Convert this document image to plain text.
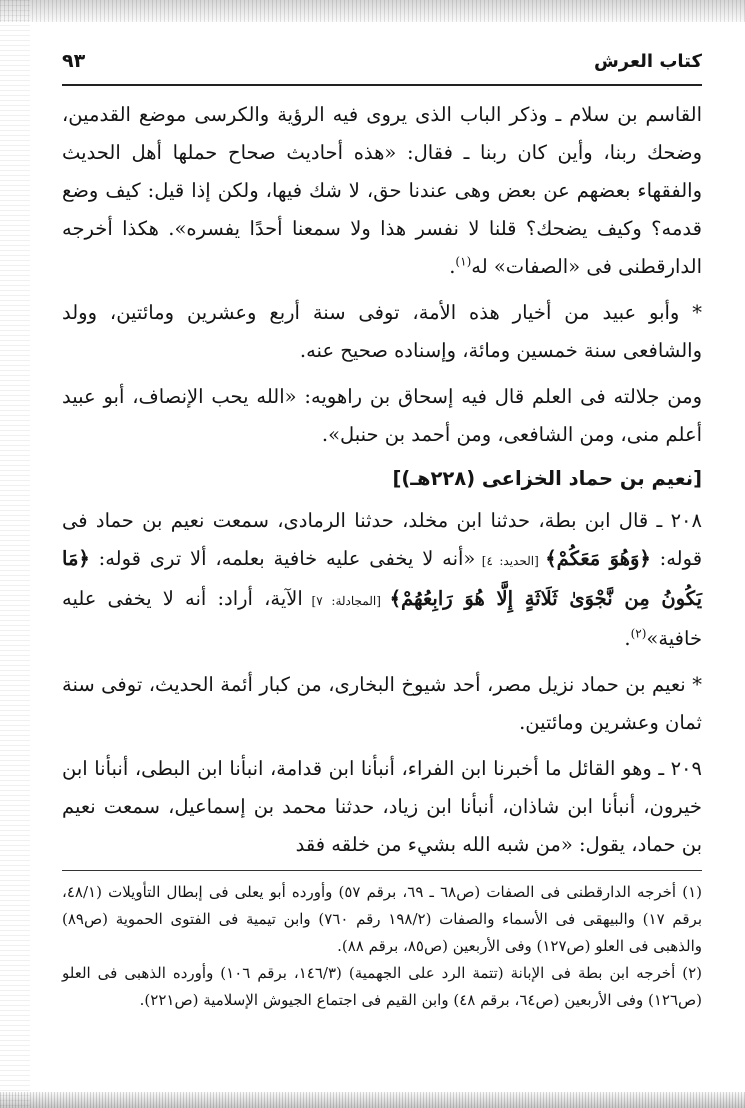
كتاب العرش
٩٣

القاسم بن سلام ـ وذكر الباب الذى يروى فيه الرؤية والكرسى موضع القدمين، وضحك ربنا، وأين كان ربنا ـ فقال: «هذه أحاديث صحاح حملها أهل الحديث والفقهاء بعضهم عن بعض وهى عندنا حق، لا شك فيها، ولكن إذا قيل: كيف وضع قدمه؟ وكيف يضحك؟ قلنا لا نفسر هذا ولا سمعنا أحدًا يفسره». هكذا أخرجه الدارقطنى فى «الصفات» له$^{(١)}$.

* وأبو عبيد من أخيار هذه الأمة، توفى سنة أربع وعشرين ومائتين، وولد والشافعى سنة خمسين ومائة، وإسناده صحيح عنه.

ومن جلالته فى العلم قال فيه إسحاق بن راهويه: «الله يحب الإنصاف، أبو عبيد أعلم منى، ومن الشافعى، ومن أحمد بن حنبل».

[نعيم بن حماد الخزاعى (٢٢٨هـ)]

٢٠٨ ـ قال ابن بطة، حدثنا ابن مخلد، حدثنا الرمادى، سمعت نعيم بن حماد فى قوله: ﴿وَهُوَ مَعَكُمْ﴾ [الحديد: ٤] «أنه لا يخفى عليه خافية بعلمه، ألا ترى قوله: ﴿مَا يَكُونُ مِن نَّجْوَىٰ ثَلَاثَةٍ إِلَّا هُوَ رَابِعُهُمْ﴾ [المجادلة: ٧] الآية، أراد: أنه لا يخفى عليه خافية»$^{(٢)}$.

* نعيم بن حماد نزيل مصر، أحد شيوخ البخارى، من كبار أئمة الحديث، توفى سنة ثمان وعشرين ومائتين.

٢٠٩ ـ وهو القائل ما أخبرنا ابن الفراء، أنبأنا ابن قدامة، انبأنا ابن البطى، أنبأنا ابن خيرون، أنبأنا ابن شاذان، أنبأنا ابن زياد، حدثنا محمد بن إسماعيل، سمعت نعيم بن حماد، يقول: «من شبه الله بشيء من خلقه فقد

(١) أخرجه الدارقطنى فى الصفات (ص٦٨ ـ ٦٩، برقم ٥٧) وأورده أبو يعلى فى إبطال التأويلات (٤٨/١، برقم ١٧) والبيهقى فى الأسماء والصفات (١٩٨/٢ رقم ٧٦٠) وابن تيمية فى الفتوى الحموية (ص٨٩) والذهبى فى العلو (ص١٢٧) وفى الأربعين (ص٨٥، برقم ٨٨).

(٢) أخرجه ابن بطة فى الإبانة (تتمة الرد على الجهمية) (١٤٦/٣، برقم ١٠٦) وأورده الذهبى فى العلو (ص١٢٦) وفى الأربعين (ص٦٤، برقم ٤٨) وابن القيم فى اجتماع الجيوش الإسلامية (ص٢٢١).
